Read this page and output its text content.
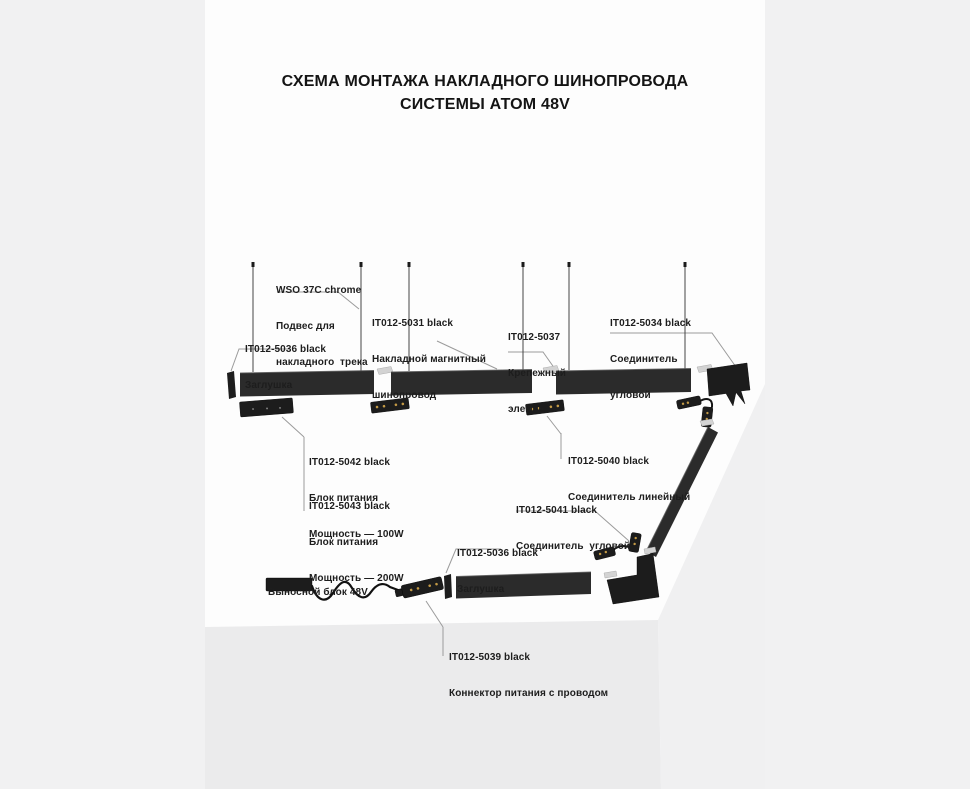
СХЕМА МОНТАЖА НАКЛАДНОГО ШИНОПРОВОДА
СИСТЕМЫ АТОМ 48V

WSO 37C chrome

Подвес для

накладного  трека

IT012-5036 black

Заглушка

IT012-5031 black

Накладной магнитный

шинопровод

IT012-5037

Крепежный

элемент

IT012-5034 black

Соединитель

угловой

IT012-5042 black

Блок питания

Мощность — 100W

IT012-5043 black

Блок питания

Мощность — 200W

IT012-5040 black

Соединитель линейный

IT012-5041 black

Соединитель  угловой

IT012-5036 black

Заглушка

Выносной блок 48V

IT012-5039 black

Коннектор питания с проводом
